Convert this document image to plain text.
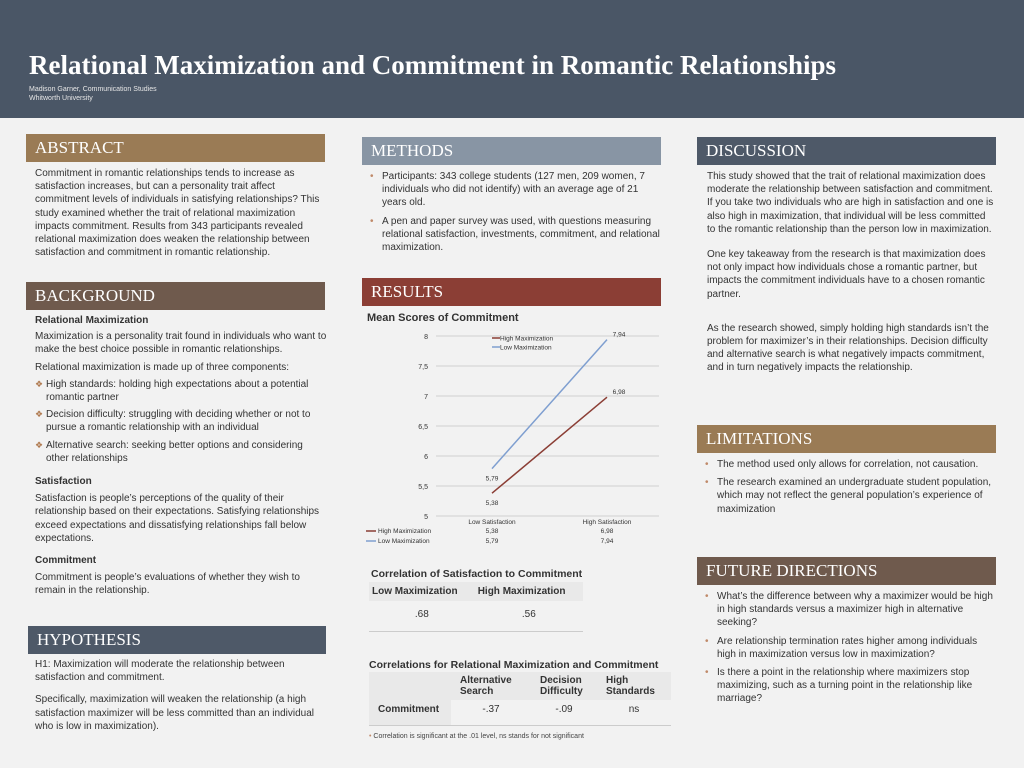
Relational Maximization and Commitment in Romantic Relationships
Madison Garner, Communication Studies
Whitworth University
ABSTRACT
Commitment in romantic relationships tends to increase as satisfaction increases, but can a personality trait affect commitment levels of individuals in satisfying relationships? This study examined whether the trait of relational maximization impacts commitment. Results from 343 participants revealed relational maximization does weaken the relationship between satisfaction and commitment in romantic relationship.
BACKGROUND
Relational Maximization
Maximization is a personality trait found in individuals who want to make the best choice possible in romantic relationships.
Relational maximization is made up of three components:
❖ High standards: holding high expectations about a potential romantic partner
❖ Decision difficulty: struggling with deciding whether or not to pursue a romantic relationship with an individual
❖ Alternative search: seeking better options and considering other relationships
Satisfaction
Satisfaction is people’s perceptions of the quality of their relationship based on their expectations. Satisfying relationships exceed expectations and dissatisfying relationships fall below expectations.
Commitment
Commitment is people’s evaluations of whether they wish to remain in the relationship.
HYPOTHESIS

H1: Maximization will moderate the relationship between satisfaction and commitment.

Specifically, maximization will weaken the relationship (a high satisfaction maximizer will be less committed than an individual who is low in maximization).

METHODS
• Participants: 343 college students (127 men, 209 women, 7 individuals who did not identify) with an average age of 21 years old.
• A pen and paper survey was used, with questions measuring relational satisfaction, investments, commitment, and relational maximization.
RESULTS
Mean Scores of Commitment
5
5,5
6
6,5
7
7,5
8
Low Satisfaction	High Satisfaction
5,38
6,98
5,79
7,94
High Maximization
Low Maximization
High Maximization	5,38	6,98
Low Maximization	5,79	7,94
Correlation of Satisfaction to Commitment
Low Maximization	High Maximization
.68	.56
Correlations for Relational Maximization and Commitment
	Alternative Search	Decision Difficulty	High Standards
Commitment	-.37	-.09	ns
• Correlation is significant at the .01 level, ns stands for not significant
DISCUSSION

This study showed that the trait of relational maximization does moderate the relationship between satisfaction and commitment. If you take two individuals who are high in satisfaction and one is also high in maximization, that individual will be less committed to the romantic relationship than the person low in maximization.

One key takeaway from the research is that maximization does not only impact how individuals chose a romantic partner, but impacts the commitment individuals have to a chosen romantic partner.

As the research showed, simply holding high standards isn’t the problem for maximizer’s in their relationships. Decision difficulty and alternative search is what negatively impacts commitment, and in turn negatively impacts the relationship.

LIMITATIONS
• The method used only allows for correlation, not causation.
• The research examined an undergraduate student population, which may not reflect the general population’s experience of maximization
FUTURE DIRECTIONS
• What’s the difference between why a maximizer would be high in high standards versus a maximizer high in alternative seeking?
• Are relationship termination rates higher among individuals high in maximization versus low in maximization?
• Is there a point in the relationship where maximizers stop maximizing, such as a turning point in the relationship like marriage?
